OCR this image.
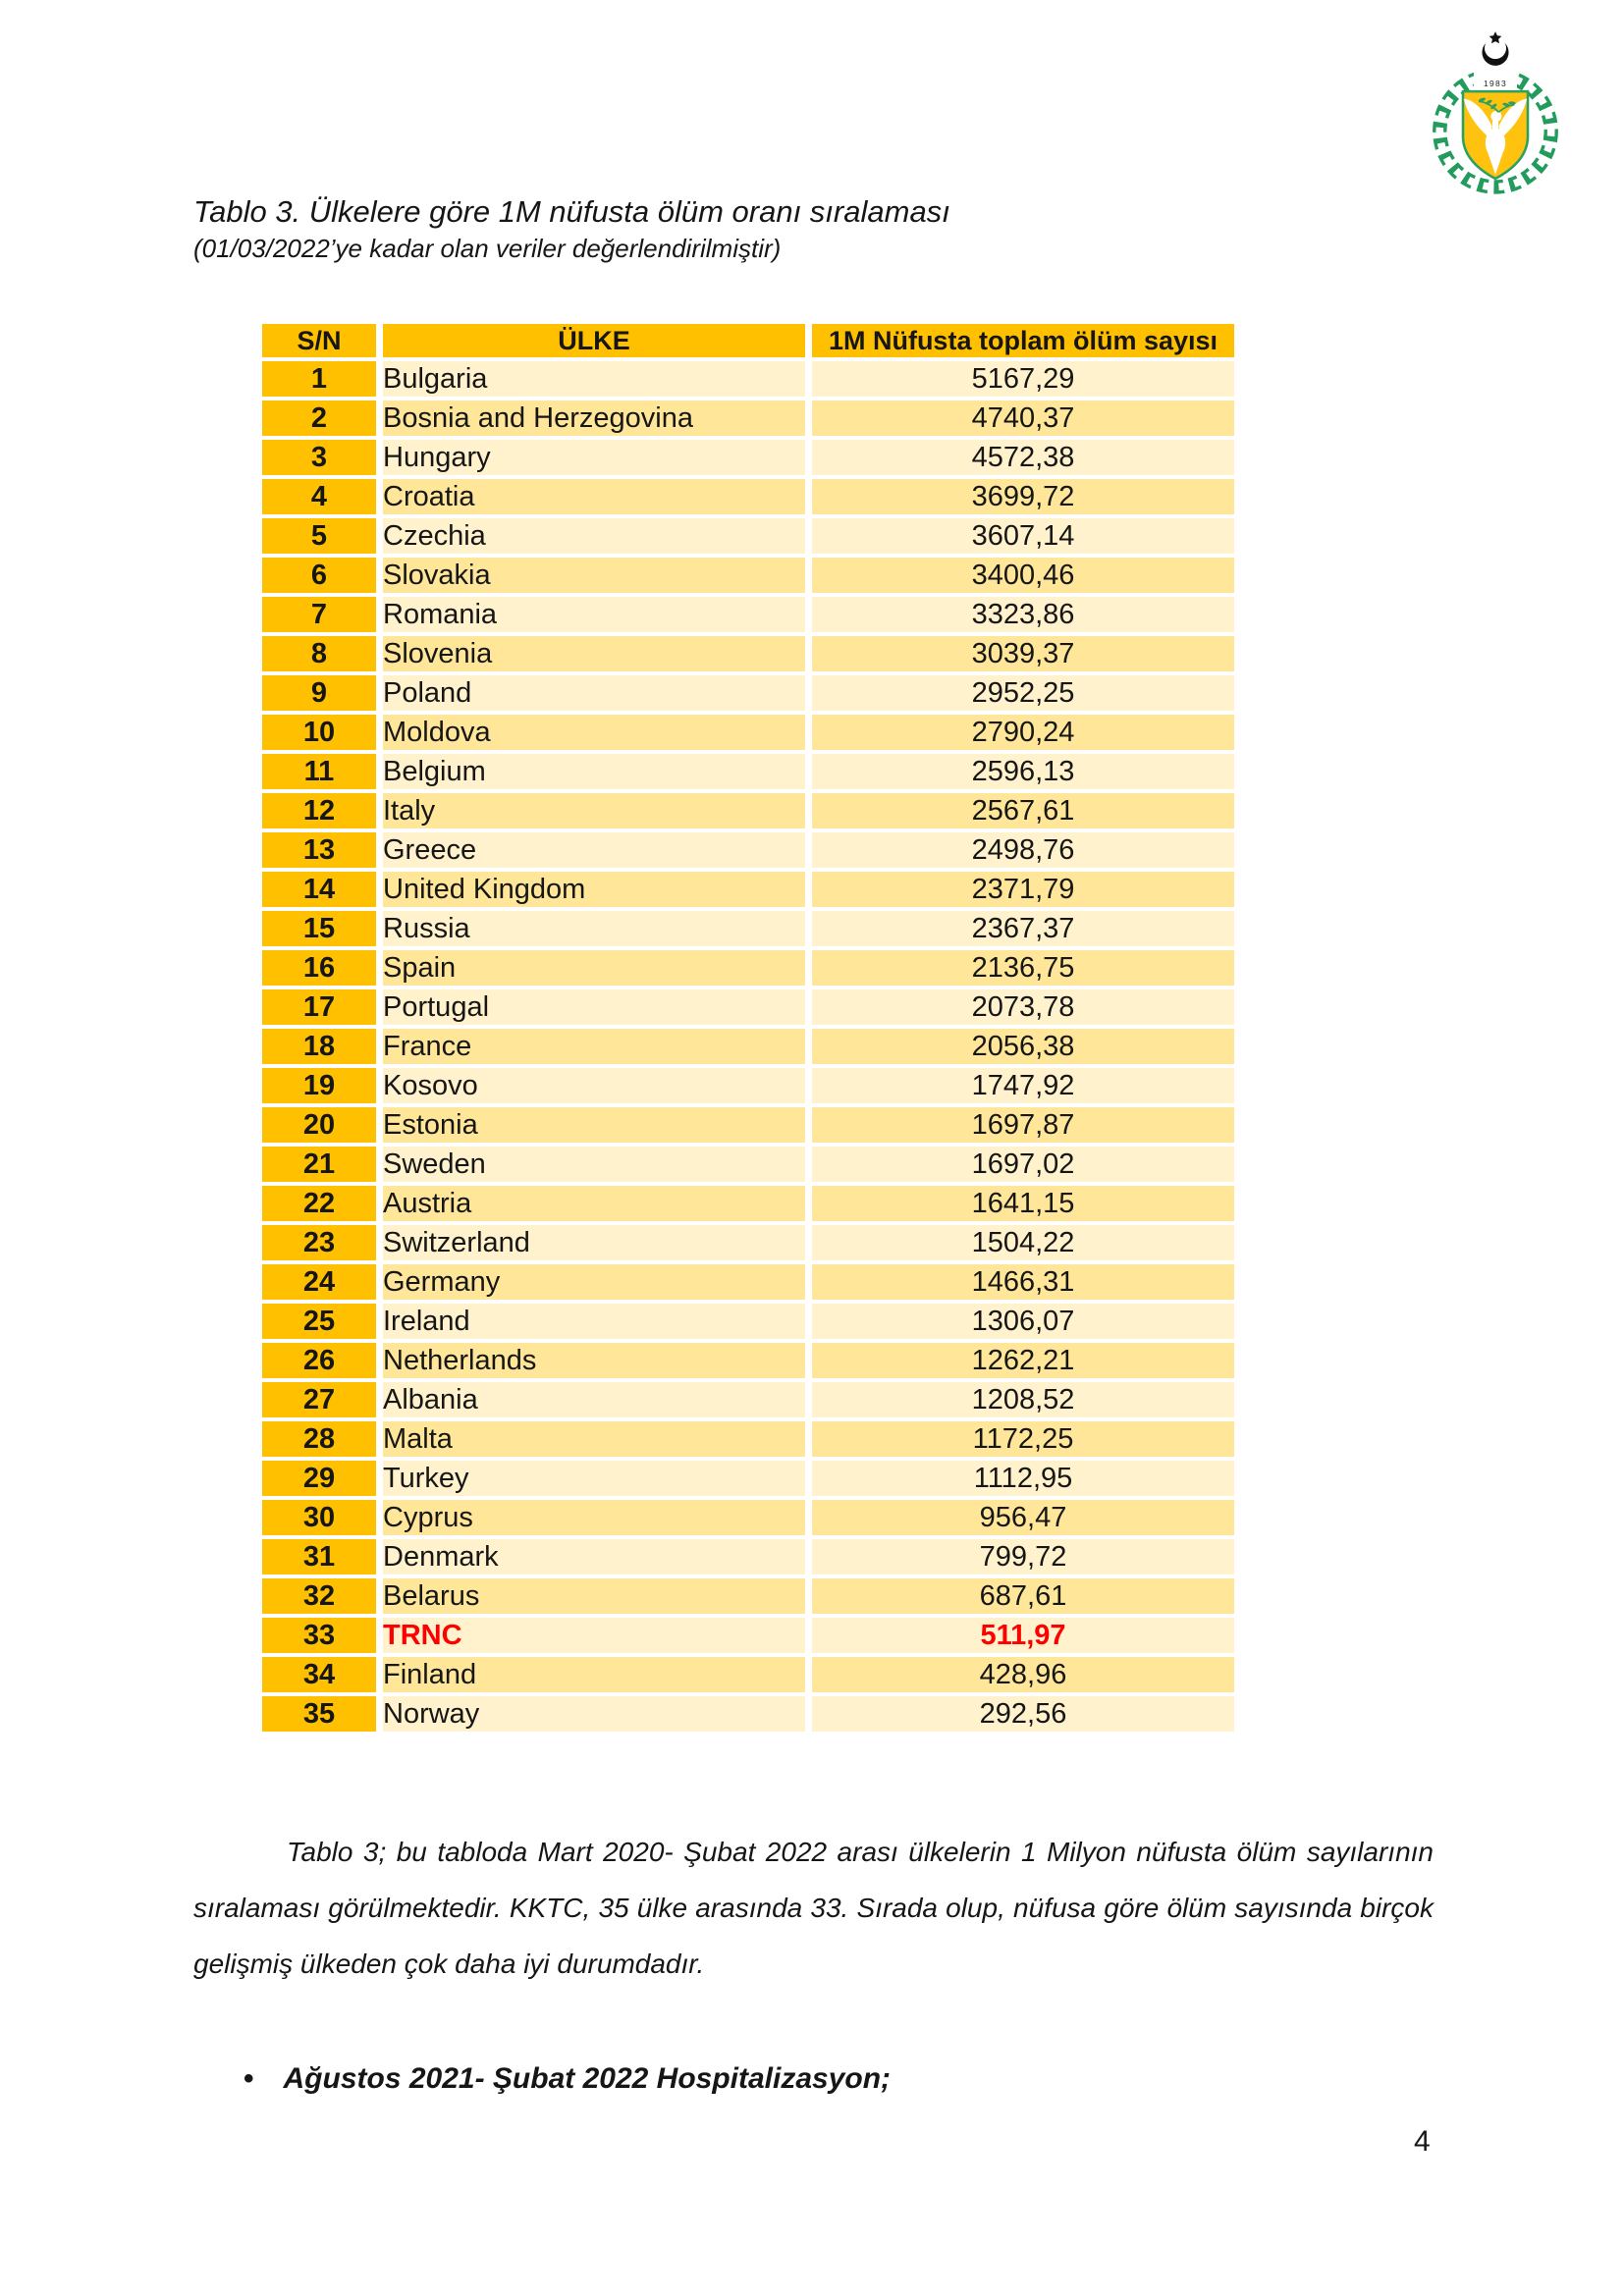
1983
Tablo 3. Ülkelere göre 1M nüfusta ölüm oranı sıralaması
(01/03/2022’ye kadar olan veriler değerlendirilmiştir)
S/N	ÜLKE	1M Nüfusta toplam ölüm sayısı
1	Bulgaria	5167,29
2	Bosnia and Herzegovina	4740,37
3	Hungary	4572,38
4	Croatia	3699,72
5	Czechia	3607,14
6	Slovakia	3400,46
7	Romania	3323,86
8	Slovenia	3039,37
9	Poland	2952,25
10	Moldova	2790,24
11	Belgium	2596,13
12	Italy	2567,61
13	Greece	2498,76
14	United Kingdom	2371,79
15	Russia	2367,37
16	Spain	2136,75
17	Portugal	2073,78
18	France	2056,38
19	Kosovo	1747,92
20	Estonia	1697,87
21	Sweden	1697,02
22	Austria	1641,15
23	Switzerland	1504,22
24	Germany	1466,31
25	Ireland	1306,07
26	Netherlands	1262,21
27	Albania	1208,52
28	Malta	1172,25
29	Turkey	1112,95
30	Cyprus	956,47
31	Denmark	799,72
32	Belarus	687,61
33	TRNC	511,97
34	Finland	428,96
35	Norway	292,56

Tablo 3; bu tabloda Mart 2020- Şubat 2022 arası ülkelerin 1 Milyon nüfusta ölüm sayılarının sıralaması görülmektedir. KKTC, 35 ülke arasında 33. Sırada olup, nüfusa göre ölüm sayısında birçok gelişmiş ülkeden çok daha iyi durumdadır.

• Ağustos 2021- Şubat 2022 Hospitalizasyon;
4
